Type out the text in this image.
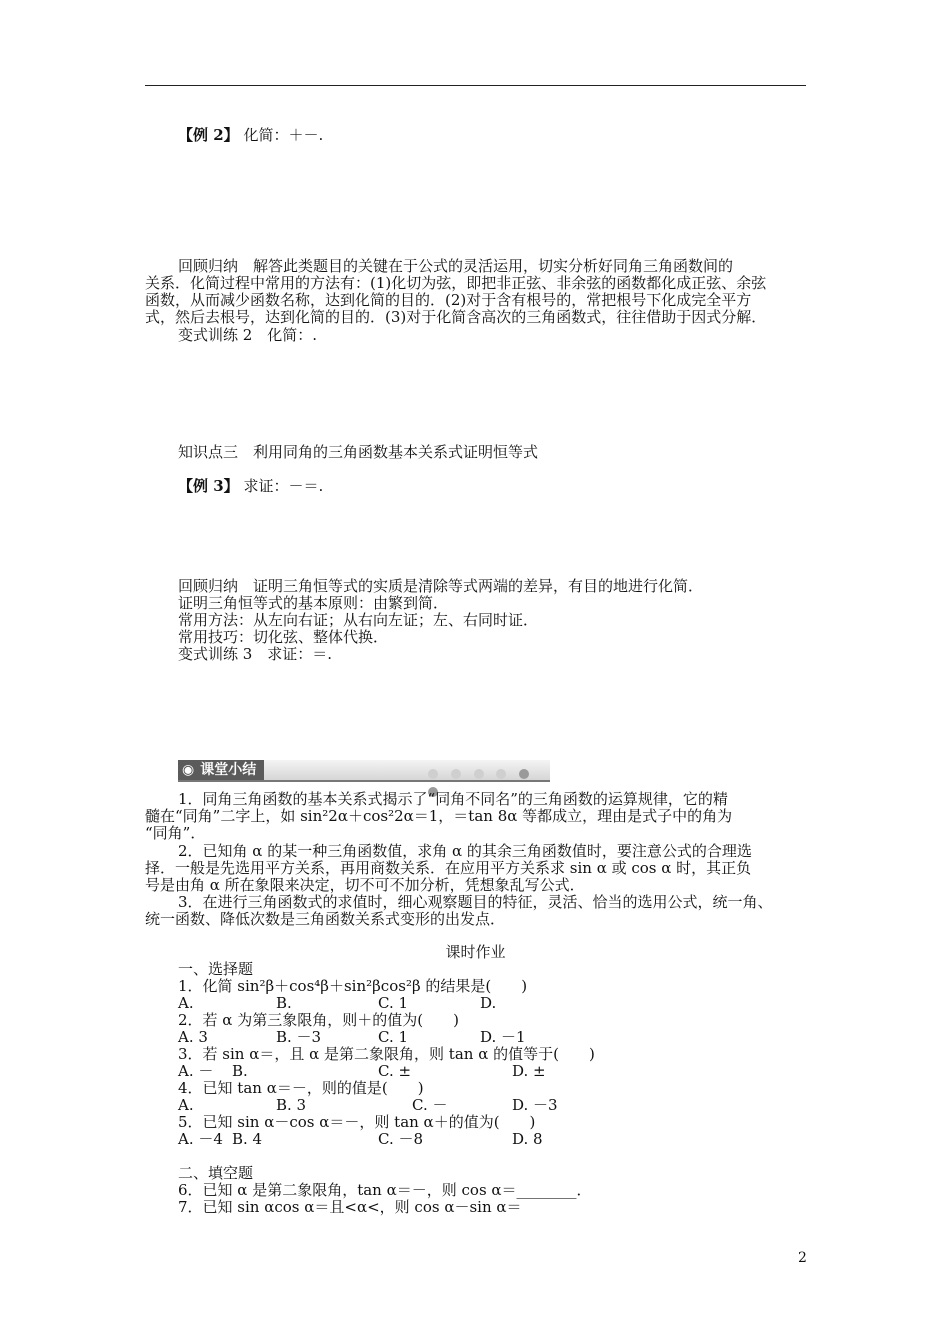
【例 2】 化简：＋－.
回顾归纳　解答此类题目的关键在于公式的灵活运用，切实分析好同角三角函数间的
关系．化简过程中常用的方法有：(1)化切为弦，即把非正弦、非余弦的函数都化成正弦、余弦
函数，从而减少函数名称，达到化简的目的．(2)对于含有根号的，常把根号下化成完全平方
式，然后去根号，达到化简的目的．(3)对于化简含高次的三角函数式，往往借助于因式分解．
变式训练 2　化简：.
知识点三　利用同角的三角函数基本关系式证明恒等式
【例 3】 求证：－＝.
回顾归纳　证明三角恒等式的实质是清除等式两端的差异，有目的地进行化简．
证明三角恒等式的基本原则：由繁到简．
常用方法：从左向右证；从右向左证；左、右同时证．
常用技巧：切化弦、整体代换．
变式训练 3　求证：＝.
◉ 课堂小结

1．同角三角函数的基本关系式揭示了“同角不同名”的三角函数的运算规律，它的精
髓在“同角”二字上，如 sin²2α＋cos²2α＝1，＝tan 8α 等都成立，理由是式子中的角为
“同角”．
2．已知角 α 的某一种三角函数值，求角 α 的其余三角函数值时，要注意公式的合理选
择．一般是先选用平方关系，再用商数关系．在应用平方关系求 sin α 或 cos α 时，其正负
号是由角 α 所在象限来决定，切不可不加分析，凭想象乱写公式．
3．在进行三角函数式的求值时，细心观察题目的特征，灵活、恰当的选用公式，统一角、
统一函数、降低次数是三角函数关系式变形的出发点．
课时作业
一、选择题
1．化简 sin²β＋cos⁴β＋sin²βcos²β 的结果是(　　)
A.	B.	C. 1	D.
2．若 α 为第三象限角，则＋的值为(　　)
A. 3	B. －3	C. 1	D. －1
3．若 sin α＝，且 α 是第二象限角，则 tan α 的值等于(　　)
A. － B.	C. ±	D. ±
4．已知 tan α＝－，则的值是(　　)
A.	B. 3	C. －	D. －3
5．已知 sin α－cos α＝－，则 tan α＋的值为(　　)
A. －4 B. 4	C. －8	D. 8
二、填空题
6．已知 α 是第二象限角，tan α＝－，则 cos α＝________．
7．已知 sin αcos α＝且<α<，则 cos α－sin α＝
2
